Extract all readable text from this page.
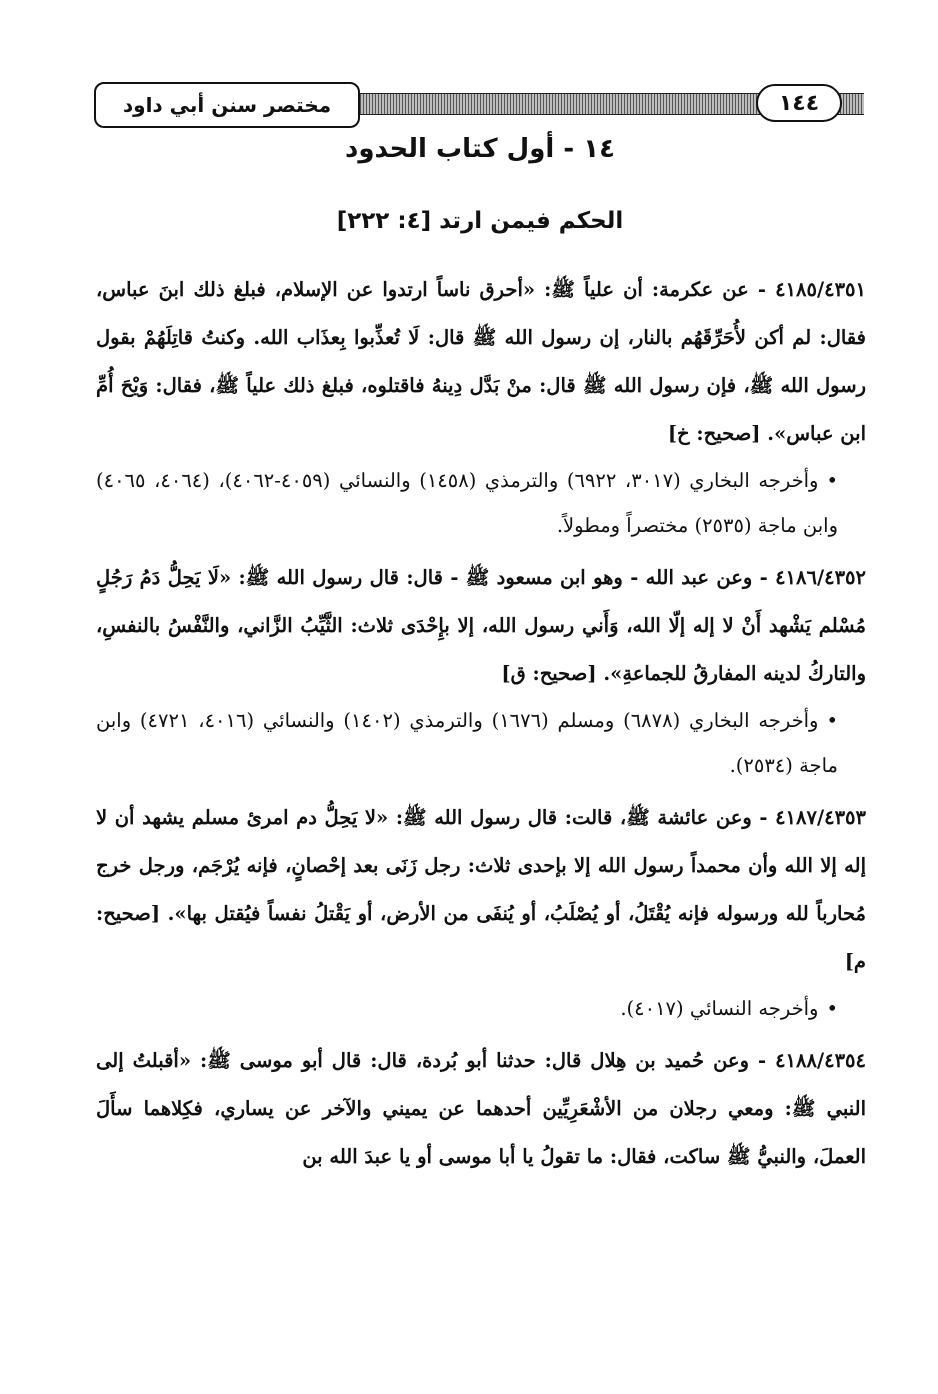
مختصر سنن أبي داود	١٤٤
١٤ - أول كتاب الحدود
الحكم فيمن ارتد [٤: ٢٢٢]

٤١٨٥/٤٣٥١ - عن عكرمة: أن علياً ﷺ: «أحرق ناساً ارتدوا عن الإسلام، فبلغ ذلك ابنَ عباس، فقال: لم أكن لأُحَرِّقَهُم بالنار، إن رسول الله ﷺ قال: لَا تُعذِّبوا بِعذَاب الله. وكنتُ قاتِلَهُمْ بقول رسول الله ﷺ، فإن رسول الله ﷺ قال: منْ بَدَّل دِينهُ فاقتلوه، فبلغ ذلك علياً ﷺ، فقال: وَيْحَ أُمِّ ابن عباس». [صحيح: خ]

•وأخرجه البخاري (٣٠١٧، ٦٩٢٢) والترمذي (١٤٥٨) والنسائي (٤٠٥٩-٤٠٦٢)، (٤٠٦٤، ٤٠٦٥) وابن ماجة (٢٥٣٥) مختصراً ومطولاً.

٤١٨٦/٤٣٥٢ - وعن عبد الله - وهو ابن مسعود ﷺ - قال: قال رسول الله ﷺ: «لَا يَحِلُّ دَمُ رَجُلٍ مُسْلم يَشْهد أَنْ لا إله إلّا الله، وَأَني رسول الله، إلا بإِحْدَى ثلاث: الثَّيِّبُ الزَّاني، والنَّفْسُ بالنفسِ، والتاركُ لدينه المفارقُ للجماعةِ». [صحيح: ق]

•وأخرجه البخاري (٦٨٧٨) ومسلم (١٦٧٦) والترمذي (١٤٠٢) والنسائي (٤٠١٦، ٤٧٢١) وابن ماجة (٢٥٣٤).

٤١٨٧/٤٣٥٣ - وعن عائشة ﷺ، قالت: قال رسول الله ﷺ: «لا يَحِلُّ دم امرئ مسلم يشهد أن لا إله إلا الله وأن محمداً رسول الله إلا بإحدى ثلاث: رجل زَنَى بعد إحْصانٍ، فإنه يُرْجَم، ورجل خرج مُحارباً لله ورسوله فإنه يُقْتَلُ، أو يُصْلَبُ، أو يُنفَى من الأرض، أو يَقْتلُ نفساً فيُقتل بها». [صحيح: م]

•وأخرجه النسائي (٤٠١٧).

٤١٨٨/٤٣٥٤ - وعن حُميد بن هِلال قال: حدثنا أبو بُردة، قال: قال أبو موسى ﷺ: «أقبلتُ إلى النبي ﷺ: ومعي رجلان من الأشْعَرِيِّين أحدهما عن يميني والآخر عن يساري، فكِلاهما سأَلَ العملَ، والنبيُّ ﷺ ساكت، فقال: ما تقولُ يا أبا موسى أو يا عبدَ الله بن
